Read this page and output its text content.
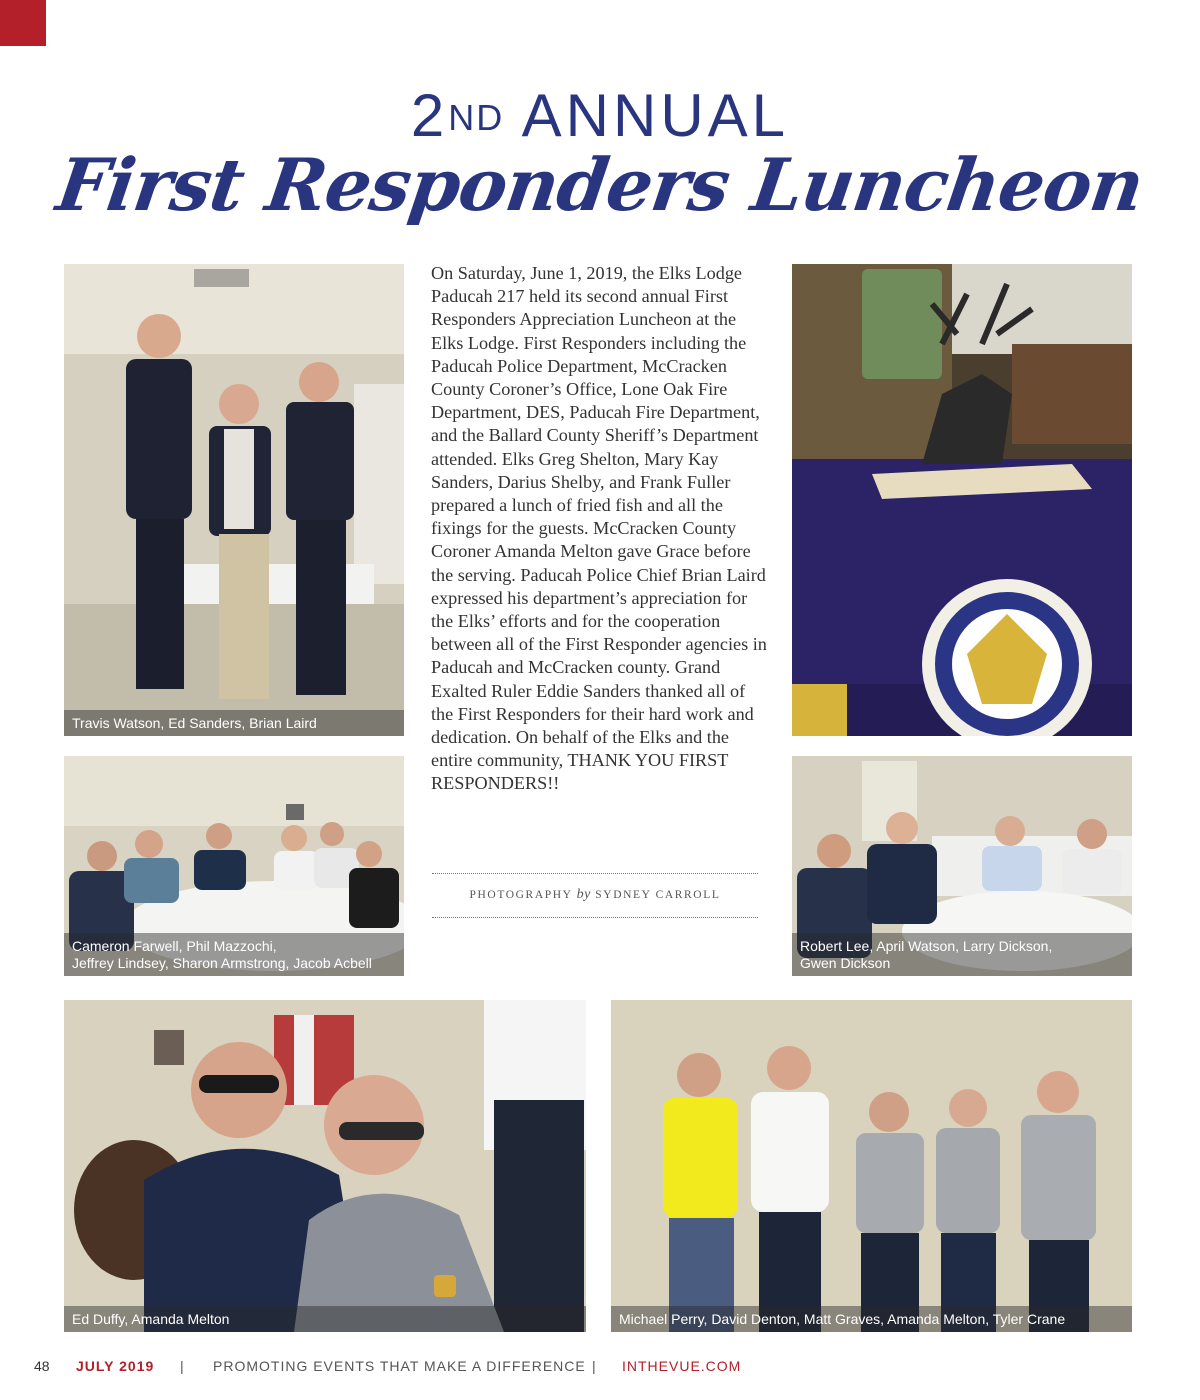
2ND ANNUAL
First Responders Luncheon
Travis Watson, Ed Sanders, Brian Laird
Cameron Farwell, Phil Mazzochi,
Jeffrey Lindsey, Sharon Armstrong, Jacob Acbell
Robert Lee, April Watson, Larry Dickson,
Gwen Dickson
Ed Duffy, Amanda Melton	Michael Perry, David Denton, Matt Graves, Amanda Melton, Tyler Crane

On Saturday, June 1, 2019, the Elks Lodge Paducah 217 held its second annual First Responders Appreciation Luncheon at the Elks Lodge. First Responders including the Paducah Police Department, McCracken County Coroner’s Office, Lone Oak Fire Department, DES, Paducah Fire Department, and the Ballard County Sheriff’s Department attended. Elks Greg Shelton, Mary Kay Sanders, Darius Shelby, and Frank Fuller prepared a lunch of fried fish and all the fixings for the guests. McCracken County Coroner Amanda Melton gave Grace before the serving. Paducah Police Chief Brian Laird expressed his department’s appreciation for the Elks’ efforts and for the cooperation between all of the First Responder agencies in Paducah and McCracken county. Grand Exalted Ruler Eddie Sanders thanked all of the First Responders for their hard work and dedication. On behalf of the Elks and the entire community, THANK YOU FIRST RESPONDERS!!

PHOTOGRAPHY by SYDNEY CARROLL
48 JULY 2019 | PROMOTING EVENTS THAT MAKE A DIFFERENCE | INTHEVUE.COM
